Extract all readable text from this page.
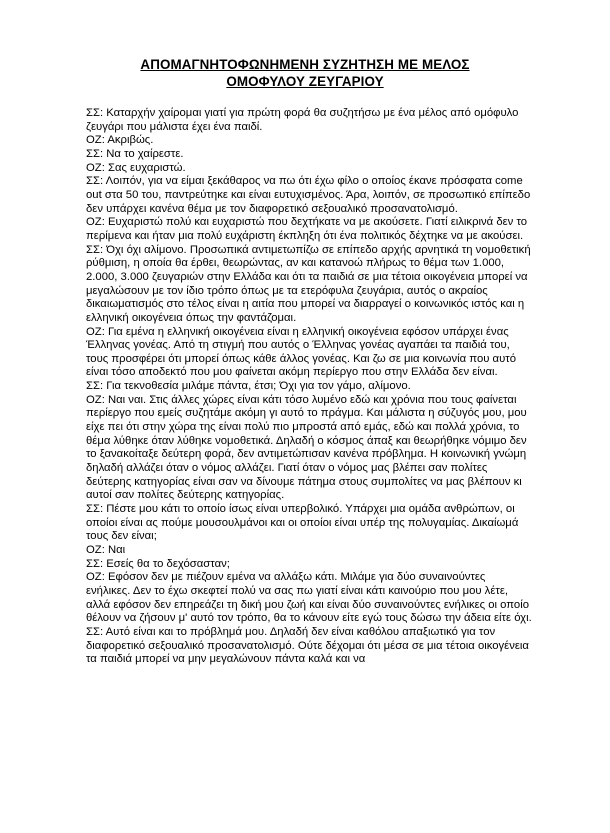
ΑΠΟΜΑΓΝΗΤΟΦΩΝΗΜΕΝΗ ΣΥΖΗΤΗΣΗ ΜΕ ΜΕΛΟΣ
ΟΜΟΦΥΛΟΥ ΖΕΥΓΑΡΙΟΥ

ΣΣ: Καταρχήν χαίρομαι γιατί για πρώτη φορά θα συζητήσω με ένα μέλος από ομόφυλο ζευγάρι που μάλιστα έχει ένα παιδί.

ΟΖ: Ακριβώς.

ΣΣ: Να το χαίρεστε.

ΟΖ: Σας ευχαριστώ.

ΣΣ: Λοιπόν, για να είμαι ξεκάθαρος να πω ότι έχω φίλο ο οποίος έκανε πρόσφατα come out στα 50 του, παντρεύτηκε και είναι ευτυχισμένος. Άρα, λοιπόν, σε προσωπικό επίπεδο δεν υπάρχει κανένα θέμα με τον διαφορετικό σεξουαλικό προσανατολισμό.

ΟΖ: Ευχαριστώ πολύ και ευχαριστώ που δεχτήκατε να με ακούσετε. Γιατί ειλικρινά δεν το περίμενα και ήταν μια πολύ ευχάριστη έκπληξη ότι ένα πολιτικός δέχτηκε να με ακούσει.

ΣΣ: Όχι όχι αλίμονο. Προσωπικά αντιμετωπίζω σε επίπεδο αρχής αρνητικά τη νομοθετική ρύθμιση, η οποία θα έρθει, θεωρώντας, αν και κατανοώ πλήρως το θέμα των 1.000, 2.000, 3.000 ζευγαριών στην Ελλάδα και ότι τα παιδιά σε μια τέτοια οικογένεια μπορεί να μεγαλώσουν με τον ίδιο τρόπο όπως με τα ετερόφυλα ζευγάρια, αυτός ο ακραίος δικαιωματισμός στο τέλος είναι η αιτία που μπορεί να διαρραγεί ο κοινωνικός ιστός και η ελληνική οικογένεια όπως την φαντάζομαι.

ΟΖ: Για εμένα η ελληνική οικογένεια είναι η ελληνική οικογένεια εφόσον υπάρχει ένας Έλληνας γονέας. Από τη στιγμή που αυτός ο Έλληνας γονέας αγαπάει τα παιδιά του, τους προσφέρει ότι μπορεί όπως κάθε άλλος γονέας. Και ζω σε μια κοινωνία που αυτό είναι τόσο αποδεκτό που μου φαίνεται ακόμη περίεργο που στην Ελλάδα δεν είναι.

ΣΣ: Για τεκνοθεσία μιλάμε πάντα, έτσι; Όχι για τον γάμο, αλίμονο.

ΟΖ: Ναι ναι. Στις άλλες χώρες είναι κάτι τόσο λυμένο εδώ και χρόνια που τους φαίνεται περίεργο που εμείς συζητάμε ακόμη γι αυτό το πράγμα. Και μάλιστα η σύζυγός μου, μου είχε πει ότι στην χώρα της είναι πολύ πιο μπροστά από εμάς, εδώ και πολλά χρόνια, το θέμα λύθηκε όταν λύθηκε νομοθετικά. Δηλαδή ο κόσμος άπαξ και θεωρήθηκε νόμιμο δεν το ξανακοίταξε δεύτερη φορά, δεν αντιμετώπισαν κανένα πρόβλημα. Η κοινωνική γνώμη δηλαδή αλλάζει όταν ο νόμος αλλάζει. Γιατί όταν ο νόμος μας βλέπει σαν πολίτες δεύτερης κατηγορίας είναι σαν να δίνουμε πάτημα στους συμπολίτες να μας βλέπουν κι αυτοί σαν πολίτες δεύτερης κατηγορίας.

ΣΣ: Πέστε μου κάτι το οποίο ίσως είναι υπερβολικό. Υπάρχει μια ομάδα ανθρώπων, οι οποίοι είναι ας πούμε μουσουλμάνοι και οι οποίοι είναι υπέρ της πολυγαμίας. Δικαίωμά τους δεν είναι;

ΟΖ: Ναι

ΣΣ: Εσείς θα το δεχόσασταν;

ΟΖ: Εφόσον δεν με πιέζουν εμένα να αλλάξω κάτι. Μιλάμε για δύο συναινούντες ενήλικες. Δεν το έχω σκεφτεί πολύ να σας πω γιατί είναι κάτι καινούριο που μου λέτε, αλλά εφόσον δεν επηρεάζει τη δική μου ζωή και είναι δύο συναινούντες ενήλικες οι οποίο θέλουν να ζήσουν μ' αυτό τον τρόπο, θα το κάνουν είτε εγώ τους δώσω την άδεια είτε όχι.

ΣΣ: Αυτό είναι και το πρόβλημά μου. Δηλαδή δεν είναι καθόλου απαξιωτικό για τον διαφορετικό σεξουαλικό προσανατολισμό. Ούτε δέχομαι ότι μέσα σε μια τέτοια οικογένεια τα παιδιά μπορεί να μην μεγαλώνουν πάντα καλά και να
